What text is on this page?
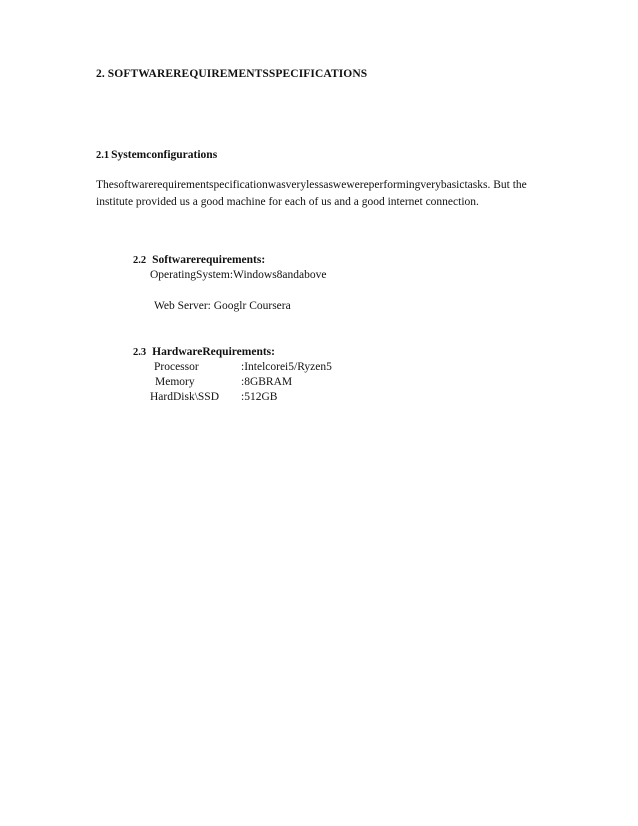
2. SOFTWAREREQUIREMENTSSPECIFICATIONS
2.1 Systemconfigurations
Thesoftwarerequirementspecificationwasverylessaswewereperformingverybasictasks. But the
institute provided us a good machine for each of us and a good internet connection.
2.2 Softwarerequirements:
OperatingSystem:Windows8andabove
Web Server: Googlr Coursera
2.3 HardwareRequirements:
Processor	:Intelcorei5/Ryzen5
Memory	:8GBRAM
HardDisk\SSD :512GB
